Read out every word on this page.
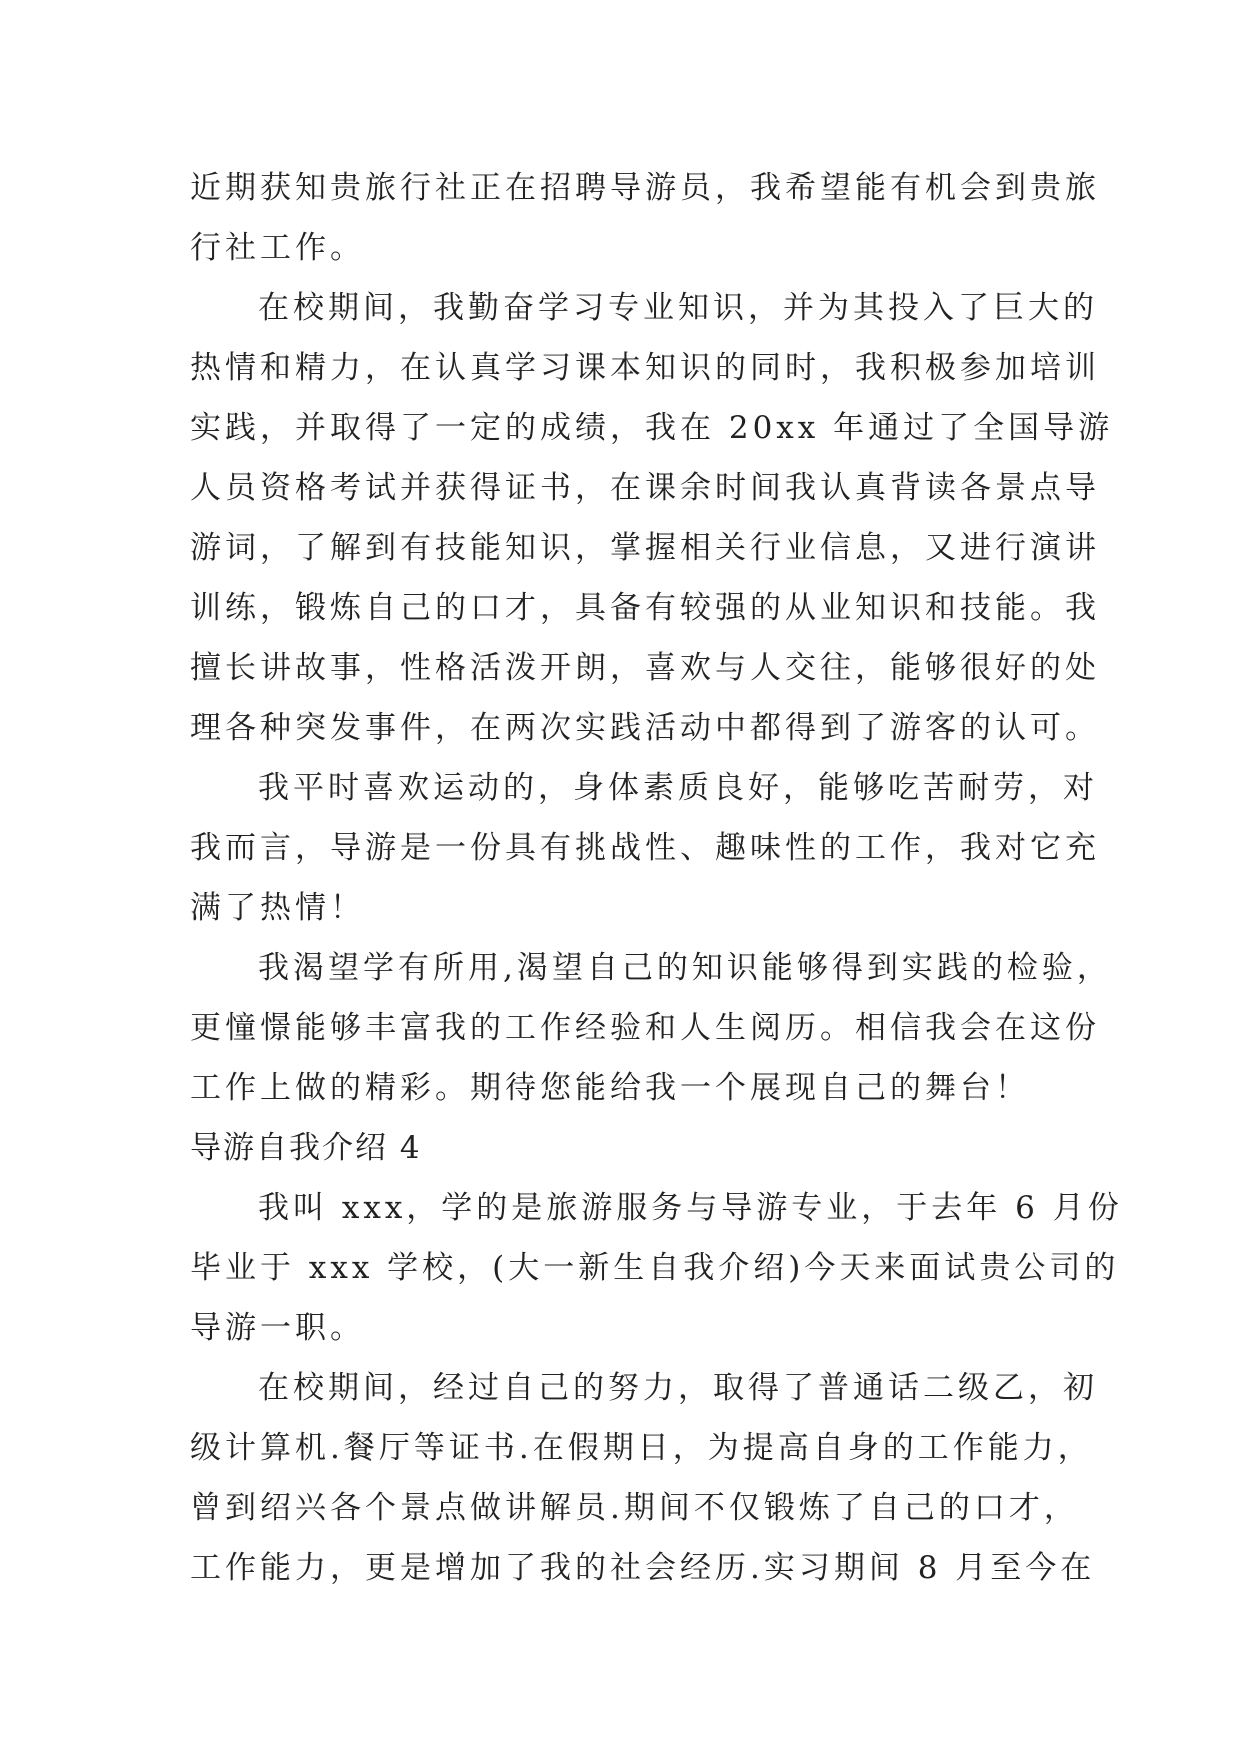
近期获知贵旅行社正在招聘导游员，我希望能有机会到贵旅
行社工作。
在校期间，我勤奋学习专业知识，并为其投入了巨大的
热情和精力，在认真学习课本知识的同时，我积极参加培训
实践，并取得了一定的成绩，我在 20xx 年通过了全国导游
人员资格考试并获得证书，在课余时间我认真背读各景点导
游词，了解到有技能知识，掌握相关行业信息，又进行演讲
训练，锻炼自己的口才，具备有较强的从业知识和技能。我
擅长讲故事，性格活泼开朗，喜欢与人交往，能够很好的处
理各种突发事件，在两次实践活动中都得到了游客的认可。
我平时喜欢运动的，身体素质良好，能够吃苦耐劳，对
我而言，导游是一份具有挑战性、趣味性的工作，我对它充
满了热情！
我渴望学有所用,渴望自己的知识能够得到实践的检验，
更憧憬能够丰富我的工作经验和人生阅历。相信我会在这份
工作上做的精彩。期待您能给我一个展现自己的舞台！
导游自我介绍 4
我叫 xxx，学的是旅游服务与导游专业，于去年 6 月份
毕业于 xxx 学校，(大一新生自我介绍)今天来面试贵公司的
导游一职。
在校期间，经过自己的努力，取得了普通话二级乙，初
级计算机.餐厅等证书.在假期日，为提高自身的工作能力，
曾到绍兴各个景点做讲解员.期间不仅锻炼了自己的口才，
工作能力，更是增加了我的社会经历.实习期间 8 月至今在
